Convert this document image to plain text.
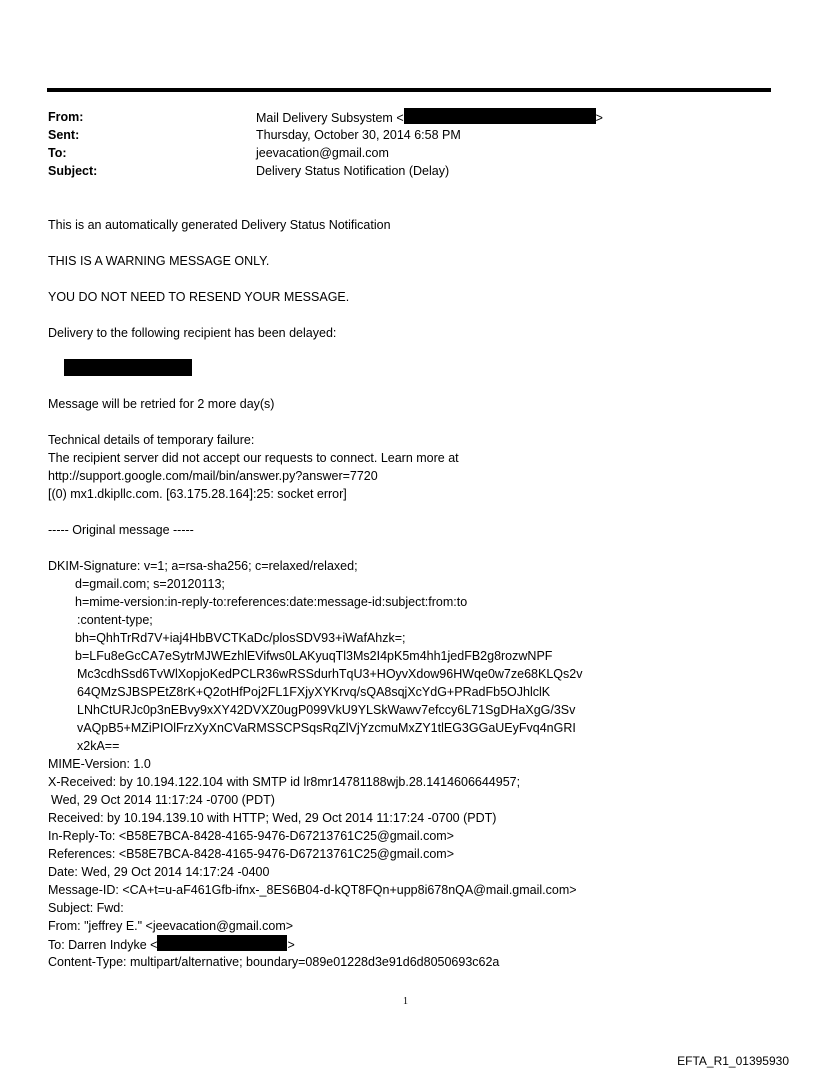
From:	Mail Delivery Subsystem <	>
Sent:	Thursday, October 30, 2014 6:58 PM
To:	jeevacation@gmail.com
Subject:	Delivery Status Notification (Delay)
This is an automatically generated Delivery Status Notification
THIS IS A WARNING MESSAGE ONLY.
YOU DO NOT NEED TO RESEND YOUR MESSAGE.
Delivery to the following recipient has been delayed:
Message will be retried for 2 more day(s)
Technical details of temporary failure:
The recipient server did not accept our requests to connect. Learn more at
http://support.google.com/mail/bin/answer.py?answer=7720
[(0) mx1.dkipllc.com. [63.175.28.164]:25: socket error]
----- Original message -----
DKIM-Signature: v=1; a=rsa-sha256; c=relaxed/relaxed;
d=gmail.com; s=20120113;
h=mime-version:in-reply-to:references:date:message-id:subject:from:to
:content-type;
bh=QhhTrRd7V+iaj4HbBVCTKaDc/plosSDV93+iWafAhzk=;
b=LFu8eGcCA7eSytrMJWEzhlEVifws0LAKyuqTl3Ms2I4pK5m4hh1jedFB2g8rozwNPF
Mc3cdhSsd6TvWlXopjoKedPCLR36wRSSdurhTqU3+HOyvXdow96HWqe0w7ze68KLQs2v
64QMzSJBSPEtZ8rK+Q2otHfPoj2FL1FXjyXYKrvq/sQA8sqjXcYdG+PRadFb5OJhlclK
LNhCtURJc0p3nEBvy9xXY42DVXZ0ugP099VkU9YLSkWawv7efccy6L71SgDHaXgG/3Sv
vAQpB5+MZiPIOlFrzXyXnCVaRMSSCPSqsRqZlVjYzcmuMxZY1tlEG3GGaUEyFvq4nGRI
x2kA==
MIME-Version: 1.0
X-Received: by 10.194.122.104 with SMTP id lr8mr14781188wjb.28.1414606644957;
Wed, 29 Oct 2014 11:17:24 -0700 (PDT)
Received: by 10.194.139.10 with HTTP; Wed, 29 Oct 2014 11:17:24 -0700 (PDT)
In-Reply-To: <B58E7BCA-8428-4165-9476-D67213761C25@gmail.com>
References: <B58E7BCA-8428-4165-9476-D67213761C25@gmail.com>
Date: Wed, 29 Oct 2014 14:17:24 -0400
Message-ID: <CA+t=u-aF461Gfb-ifnx-_8ES6B04-d-kQT8FQn+upp8i678nQA@mail.gmail.com>
Subject: Fwd:
From: "jeffrey E." <jeevacation@gmail.com>
To: Darren Indyke <	>
Content-Type: multipart/alternative; boundary=089e01228d3e91d6d8050693c62a
1
EFTA_R1_01395930
